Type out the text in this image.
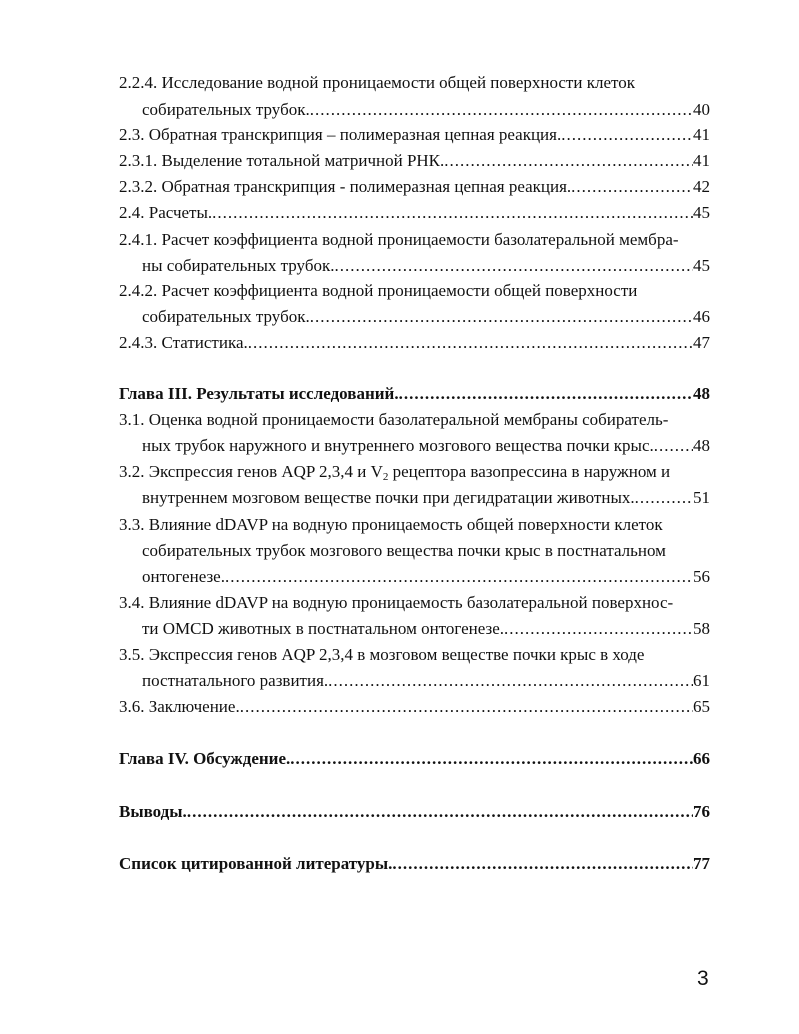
2.2.4. Исследование водной проницаемости общей поверхности клеток
собирательных трубок. .....	40
2.3. Обратная транскрипция – полимеразная цепная реакция. .....	41
2.3.1. Выделение тотальной матричной РНК. .....	41
2.3.2. Обратная транскрипция - полимеразная цепная реакция. .....	42
2.4. Расчеты. .....	45
2.4.1. Расчет коэффициента водной проницаемости базолатеральной мембра-
ны собирательных трубок. .....	45
2.4.2. Расчет коэффициента водной проницаемости общей поверхности
собирательных трубок. .....	46
2.4.3. Статистика. .....	47
Глава III. Результаты исследований. .....	48
3.1. Оценка водной проницаемости базолатеральной мембраны собиратель-
ных трубок наружного и внутреннего мозгового вещества почки крыс. ..... 48
3.2. Экспрессия генов AQP 2,3,4 и $V_2$ рецептора вазопрессина в наружном и
внутреннем мозговом веществе почки при дегидратации животных. .....	51
3.3. Влияние dDAVP на водную проницаемость общей поверхности клеток
собирательных трубок мозгового вещества почки крыс в постнатальном
онтогенезе. .....	56
3.4. Влияние dDAVP на водную проницаемость базолатеральной поверхнос-
ти OMCD животных в постнатальном онтогенезе. .....	58
3.5. Экспрессия генов AQP 2,3,4 в мозговом веществе почки крыс в ходе
постнатального развития. .....	61
3.6. Заключение. .....	65
Глава IV. Обсуждение. .....	66
Выводы. .....	76
Список цитированной литературы. .....	77
3
